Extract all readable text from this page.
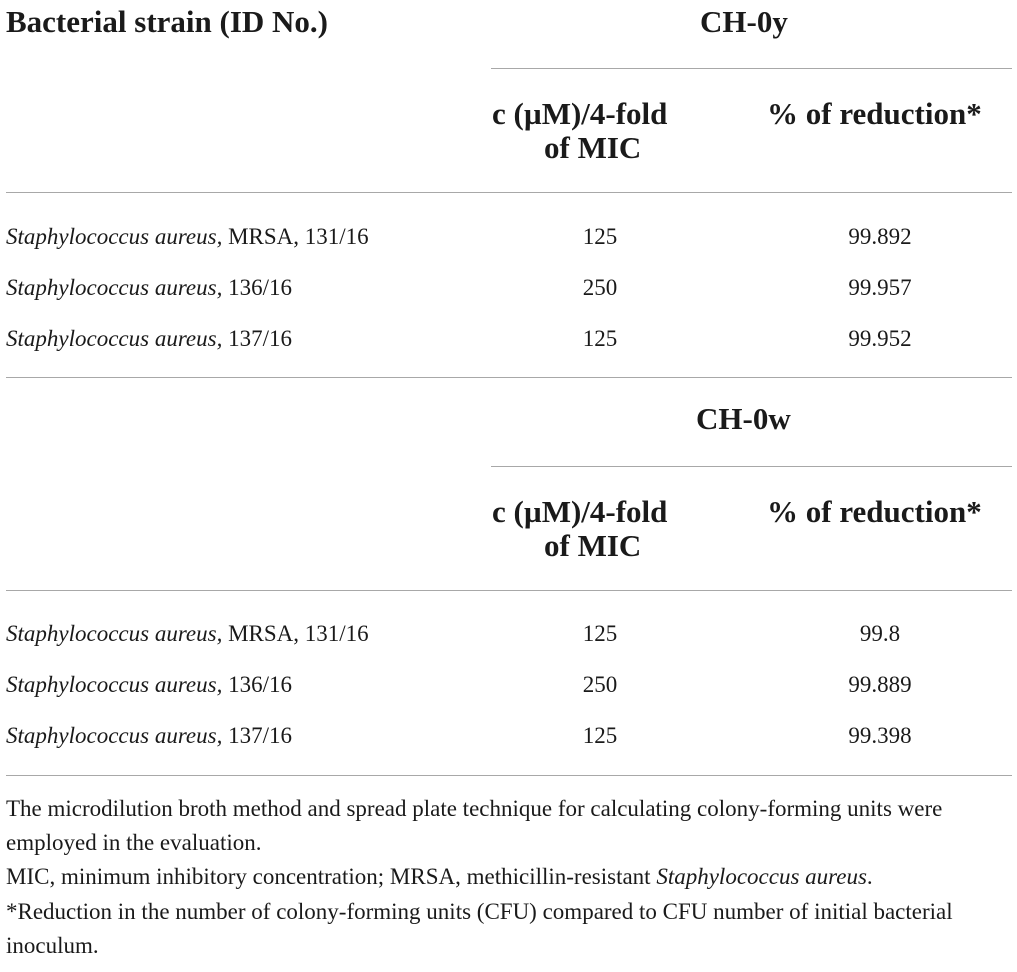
Bacterial strain (ID No.)	CH-0y
c (µM)/4-fold
of MIC
% of reduction*
Staphylococcus aureus, MRSA, 131/16	125	99.892
Staphylococcus aureus, 136/16	250	99.957
Staphylococcus aureus, 137/16	125	99.952
CH-0w
c (µM)/4-fold
of MIC
% of reduction*
Staphylococcus aureus, MRSA, 131/16	125	99.8
Staphylococcus aureus, 136/16	250	99.889
Staphylococcus aureus, 137/16	125	99.398
The microdilution broth method and spread plate technique for calculating colony-forming units were employed in the evaluation.
MIC, minimum inhibitory concentration; MRSA, methicillin-resistant Staphylococcus aureus.
*Reduction in the number of colony-forming units (CFU) compared to CFU number of initial bacterial inoculum.
